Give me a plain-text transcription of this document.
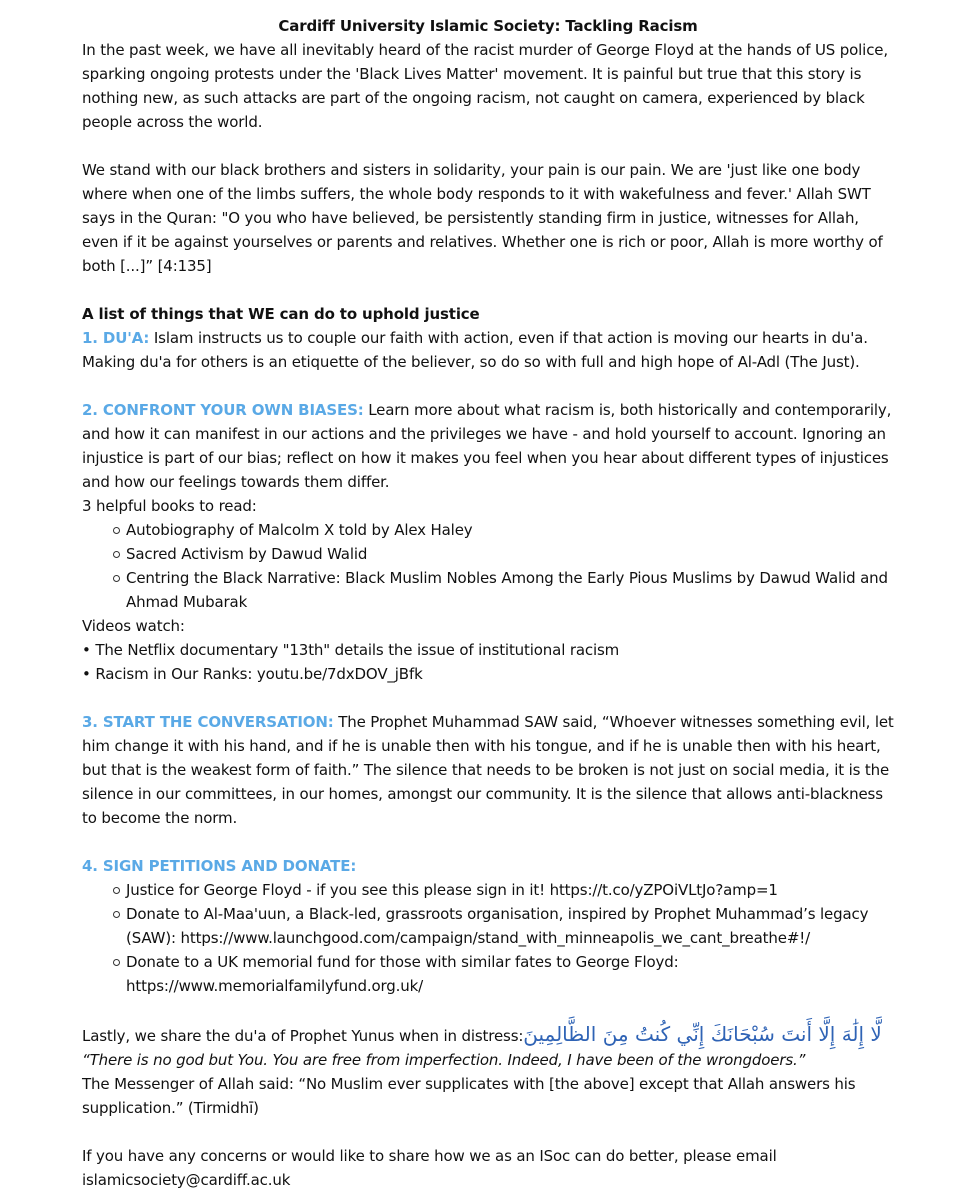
Cardiff University Islamic Society: Tackling Racism

In the past week, we have all inevitably heard of the racist murder of George Floyd at the hands of US police, sparking ongoing protests under the 'Black Lives Matter' movement. It is painful but true that this story is nothing new, as such attacks are part of the ongoing racism, not caught on camera, experienced by black people across the world.

We stand with our black brothers and sisters in solidarity, your pain is our pain. We are 'just like one body where when one of the limbs suffers, the whole body responds to it with wakefulness and fever.' Allah SWT says in the Quran: "O you who have believed, be persistently standing firm in justice, witnesses for Allah, even if it be against yourselves or parents and relatives. Whether one is rich or poor, Allah is more worthy of both [...]” [4:135]

A list of things that WE can do to uphold justice

1. DU'A: Islam instructs us to couple our faith with action, even if that action is moving our hearts in du'a. Making du'a for others is an etiquette of the believer, so do so with full and high hope of Al-Adl (The Just).

2. CONFRONT YOUR OWN BIASES: Learn more about what racism is, both historically and contemporarily, and how it can manifest in our actions and the privileges we have - and hold yourself to account. Ignoring an injustice is part of our bias; reflect on how it makes you feel when you hear about different types of injustices and how our feelings towards them differ.

3 helpful books to read:

Autobiography of Malcolm X told by Alex Haley
Sacred Activism by Dawud Walid
Centring the Black Narrative: Black Muslim Nobles Among the Early Pious Muslims by Dawud Walid and Ahmad Mubarak

Videos watch:

• The Netflix documentary "13th" details the issue of institutional racism

• Racism in Our Ranks: youtu.be/7dxDOV_jBfk

3. START THE CONVERSATION: The Prophet Muhammad SAW said, “Whoever witnesses something evil, let him change it with his hand, and if he is unable then with his tongue, and if he is unable then with his heart, but that is the weakest form of faith.” The silence that needs to be broken is not just on social media, it is the silence in our committees, in our homes, amongst our community. It is the silence that allows anti-blackness to become the norm.

4. SIGN PETITIONS AND DONATE:

Justice for George Floyd - if you see this please sign in it! https://t.co/yZPOiVLtJo?amp=1
Donate to Al-Maa'uun, a Black-led, grassroots organisation, inspired by Prophet Muhammad’s legacy (SAW): https://www.launchgood.com/campaign/stand_with_minneapolis_we_cant_breathe#!/
Donate to a UK memorial fund for those with similar fates to George Floyd: https://www.memorialfamilyfund.org.uk/

Lastly, we share the du'a of Prophet Yunus when in distress:لَّا إِلَٰهَ إِلَّا أَنتَ سُبْحَانَكَ إِنِّي كُنتُ مِنَ الظَّالِمِينَ

“There is no god but You. You are free from imperfection. Indeed, I have been of the wrongdoers.”

The Messenger of Allah said: “No Muslim ever supplicates with [the above] except that Allah answers his supplication.” (Tirmidhī)

If you have any concerns or would like to share how we as an ISoc can do better, please email islamicsociety@cardiff.ac.uk
